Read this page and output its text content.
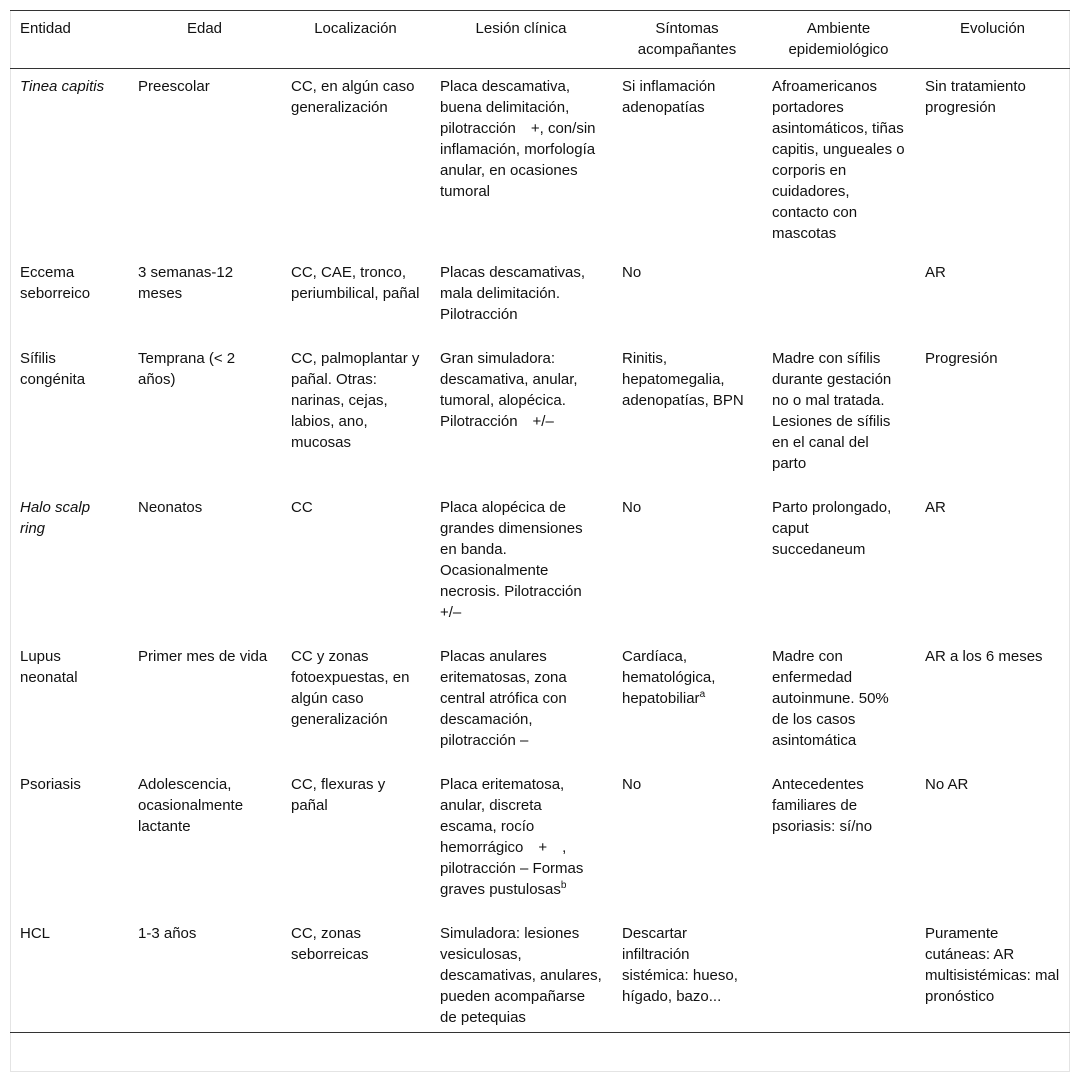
Entidad	Edad	Localización	Lesión clínica	Síntomas acompañantes	Ambiente epidemiológico	Evolución
Tinea capitis	Preescolar	CC, en algún caso generalización	Placa descamativa, buena delimitación, pilotracción +, con/sin inflamación, morfología anular, en ocasiones tumoral	Si inflamación adenopatías	Afroamericanos portadores asintomáticos, tiñas capitis, ungueales o corporis en cuidadores, contacto con mascotas	Sin tratamiento progresión
Eccema seborreico	3 semanas-12 meses	CC, CAE, tronco, periumbilical, pañal	Placas descamativas, mala delimitación. Pilotracción	No		AR
Sífilis congénita	Temprana (< 2 años)	CC, palmoplantar y pañal. Otras: narinas, cejas, labios, ano, mucosas	Gran simuladora: descamativa, anular, tumoral, alopécica. Pilotracción +/–	Rinitis, hepatomegalia, adenopatías, BPN	Madre con sífilis durante gestación no o mal tratada. Lesiones de sífilis en el canal del parto	Progresión
Halo scalp ring	Neonatos	CC	Placa alopécica de grandes dimensiones en banda. Ocasionalmente necrosis. Pilotracción +/–	No	Parto prolongado, caput succedaneum	AR
Lupus neonatal	Primer mes de vida	CC y zonas fotoexpuestas, en algún caso generalización	Placas anulares eritematosas, zona central atrófica con descamación, pilotracción –	Cardíaca, hematológica, hepatobiliar$^a$	Madre con enfermedad autoinmune. 50% de los casos asintomática	AR a los 6 meses
Psoriasis	Adolescencia, ocasionalmente lactante	CC, flexuras y pañal	Placa eritematosa, anular, discreta escama, rocío hemorrágico + , pilotracción – Formas graves pustulosas$^b$	No	Antecedentes familiares de psoriasis: sí/no	No AR
HCL	1-3 años	CC, zonas seborreicas	Simuladora: lesiones vesiculosas, descamativas, anulares, pueden acompañarse de petequias	Descartar infiltración sistémica: hueso, hígado, bazo...		Puramente cutáneas: AR multisistémicas: mal pronóstico
